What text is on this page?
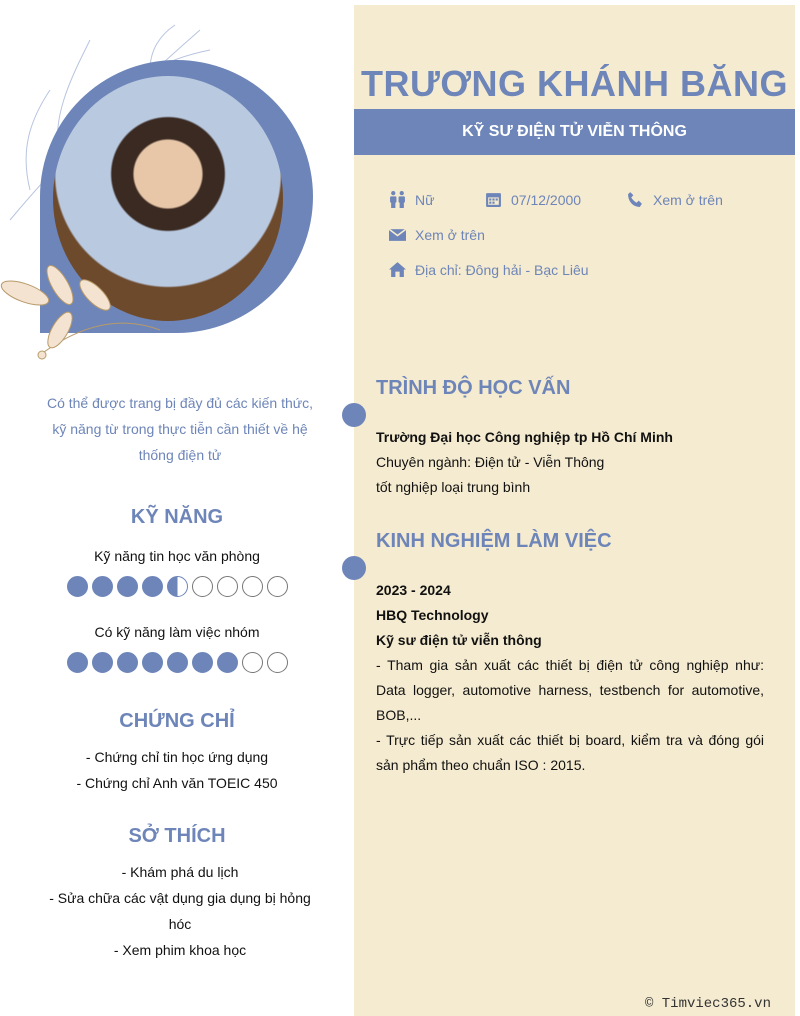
Có thể được trang bị đầy đủ các kiến thức, kỹ năng từ trong thực tiễn cần thiết về hệ thống điện tử
KỸ NĂNG
Kỹ năng tin học văn phòng
Có kỹ năng làm việc nhóm
CHỨNG CHỈ
- Chứng chỉ tin học ứng dụng
- Chứng chỉ Anh văn TOEIC 450
SỞ THÍCH
- Khám phá du lịch
- Sửa chữa các vật dụng gia dụng bị hỏng hóc
- Xem phim khoa học
TRƯƠNG KHÁNH BĂNG
KỸ SƯ ĐIỆN TỬ VIỄN THÔNG
Nữ	07/12/2000	Xem ở trên
Xem ở trên
Địa chỉ: Đông hải - Bạc Liêu
TRÌNH ĐỘ HỌC VẤN
Trường Đại học Công nghiệp tp Hồ Chí Minh
Chuyên ngành: Điện tử - Viễn Thông
tốt nghiệp loại trung bình
KINH NGHIỆM LÀM VIỆC
2023 - 2024
HBQ Technology
Kỹ sư điện tử viễn thông
- Tham gia sản xuất các thiết bị điện tử công nghiệp như: Data logger, automotive harness, testbench for automotive, BOB,...
- Trực tiếp sản xuất các thiết bị board, kiểm tra và đóng gói sản phẩm theo chuẩn ISO : 2015.
© Timviec365.vn
